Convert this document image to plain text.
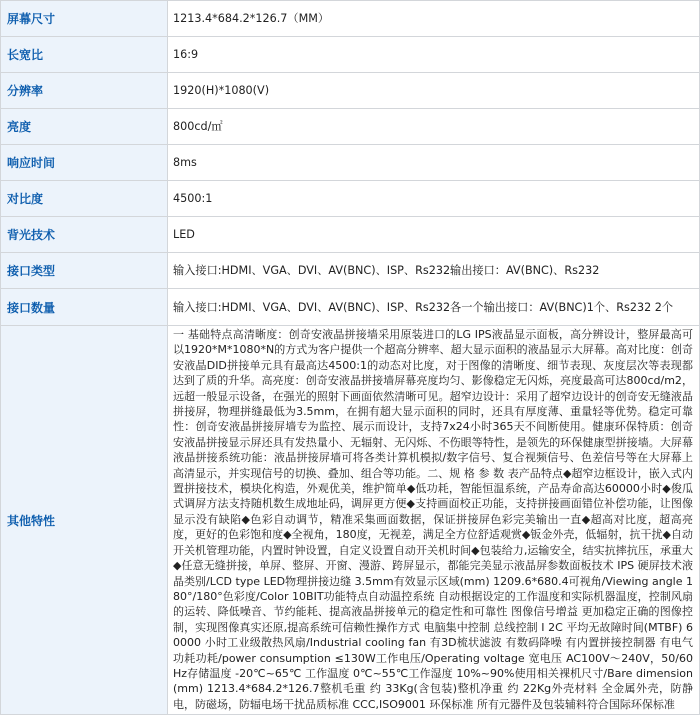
屏幕尺寸	1213.4*684.2*126.7（MM）
长宽比	16:9
分辨率	1920(H)*1080(V)
亮度	800cd/㎡
响应时间	8ms
对比度	4500:1
背光技术	LED
接口类型	输入接口:HDMI、VGA、DVI、AV(BNC)、ISP、Rs232输出接口：AV(BNC)、Rs232
接口数量	输入接口:HDMI、VGA、DVI、AV(BNC)、ISP、Rs232各一个输出接口：AV(BNC)1个、Rs232 2个
其他特性	一 基础特点高清晰度：创奇安液晶拼接墙采用原装进口的LG IPS液晶显示面板，高分辨设计，整屏最高可以1920*M*1080*N的方式为客户提供一个超高分辨率、超大显示面积的液晶显示大屏幕。高对比度：创奇安液晶DID拼接单元具有最高达4500:1的动态对比度，对于图像的清晰度、细节表现、灰度层次等表现都达到了质的升华。高亮度：创奇安液晶拼接墙屏幕亮度均匀、影像稳定无闪烁，亮度最高可达800cd/m2，远超一般显示设备，在强光的照射下画面依然清晰可见。超窄边设计：采用了超窄边设计的创奇安无缝液晶拼接屏，物理拼缝最低为3.5mm，在拥有超大显示面积的同时，还具有厚度薄、重量轻等优势。稳定可靠性：创奇安液晶拼接屏墙专为监控、展示而设计，支持7x24小时365天不间断使用。健康环保特质：创奇安液晶拼接显示屏还具有发热量小、无辐射、无闪烁、不伤眼等特性，是领先的环保健康型拼接墙。大屏幕液晶拼接系统功能：液晶拼接屏墙可将各类计算机模拟/数字信号、复合视频信号、色差信号等在大屏幕上高清显示，并实现信号的切换、叠加、组合等功能。二、规 格 参 数 表产品特点◆超窄边框设计，嵌入式内置拼接技术，模块化构造，外观优美，维护简单◆低功耗，智能恒温系统，产品寿命高达60000小时◆俊瓜式调屏方法支持随机数生成地址码，调屏更方便◆支持画面校正功能，支持拼接画面错位补偿功能，让图像显示没有缺陷◆色彩自动调节，精准采集画面数据，保证拼接屏色彩完美输出一直◆超高对比度，超高亮度，更好的色彩饱和度◆全视角，180度，无视差，满足全方位舒适观赏◆钣金外壳，低辐射，抗干扰◆自动开关机管理功能，内置时钟设置，自定义设置自动开关机时间◆包装给力,运输安全，结实抗摔抗压，承重大◆任意无缝拼接，单屏、整屏、开窗、漫游、跨屏显示，都能完美显示液晶屏参数面板技术 IPS 硬屏技术液晶类别/LCD type LED物理拼接边缝 3.5mm有效显示区域(mm) 1209.6*680.4可视角/Viewing angle 180°/180°色彩度/Color 10BIT功能特点自动温控系统 自动根据设定的工作温度和实际机器温度，控制风扇的运转、降低噪音、节约能耗、提高液晶拼接单元的稳定性和可靠性 图像信号增益 更加稳定正确的图像控制，实现图像真实还原,提高系统可信赖性操作方式 电脑集中控制 总线控制 I 2C 平均无故障时间(MTBF) 60000 小时工业级散热风扇/Industrial cooling fan 有3D梳状滤波 有数码降噪 有内置拼接控制器 有电气功耗功耗/power consumption ≤130W工作电压/Operating voltage 宽电压 AC100V～240V，50/60Hz存储温度 -20℃~65℃ 工作温度 0℃~55℃工作湿度 10%~90%使用相关裸机尺寸/Bare dimension(mm) 1213.4*684.2*126.7整机毛重 约 33Kg(含包装)整机净重 约 22Kg外壳材料 全金属外壳，防静电，防磁场，防辐电场干扰品质标准 CCC,ISO9001 环保标准 所有元器件及包装辅料符合国际环保标准
